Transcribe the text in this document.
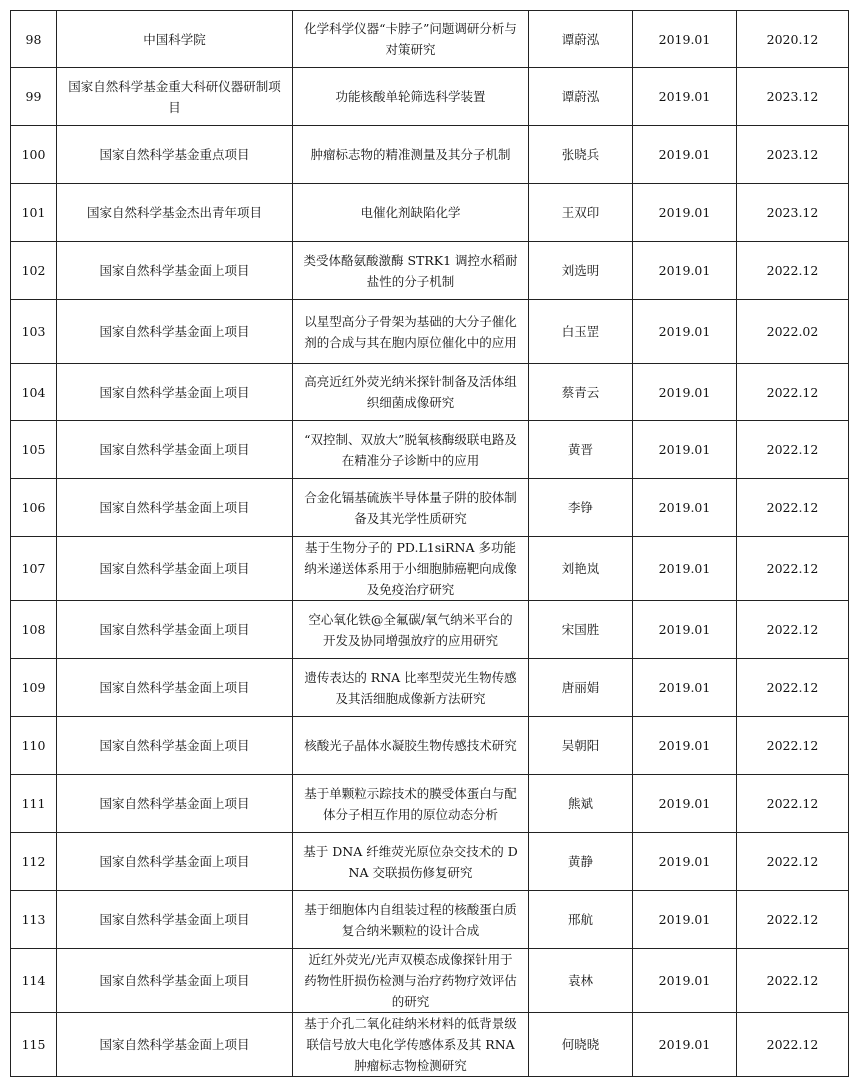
98	中国科学院	化学科学仪器“卡脖子”问题调研分析与对策研究	谭蔚泓	2019.01	2020.12
99	国家自然科学基金重大科研仪器研制项目	功能核酸单轮筛选科学装置	谭蔚泓	2019.01	2023.12
100	国家自然科学基金重点项目	肿瘤标志物的精准测量及其分子机制	张晓兵	2019.01	2023.12
101	国家自然科学基金杰出青年项目	电催化剂缺陷化学	王双印	2019.01	2023.12
102	国家自然科学基金面上项目	类受体酪氨酸激酶 STRK1 调控水稻耐盐性的分子机制	刘选明	2019.01	2022.12
103	国家自然科学基金面上项目	以星型高分子骨架为基础的大分子催化剂的合成与其在胞内原位催化中的应用	白玉罡	2019.01	2022.02
104	国家自然科学基金面上项目	高亮近红外荧光纳米探针制备及活体组织细菌成像研究	蔡青云	2019.01	2022.12
105	国家自然科学基金面上项目	“双控制、双放大”脱氧核酶级联电路及在精准分子诊断中的应用	黄晋	2019.01	2022.12
106	国家自然科学基金面上项目	合金化镉基硫族半导体量子阱的胶体制备及其光学性质研究	李铮	2019.01	2022.12
107	国家自然科学基金面上项目	基于生物分子的 PD.L1siRNA 多功能纳米递送体系用于小细胞肺癌靶向成像及免疫治疗研究	刘艳岚	2019.01	2022.12
108	国家自然科学基金面上项目	空心氧化铁@全氟碳/氧气纳米平台的开发及协同增强放疗的应用研究	宋国胜	2019.01	2022.12
109	国家自然科学基金面上项目	遗传表达的 RNA 比率型荧光生物传感及其活细胞成像新方法研究	唐丽娟	2019.01	2022.12
110	国家自然科学基金面上项目	核酸光子晶体水凝胶生物传感技术研究	吴朝阳	2019.01	2022.12
111	国家自然科学基金面上项目	基于单颗粒示踪技术的膜受体蛋白与配体分子相互作用的原位动态分析	熊斌	2019.01	2022.12
112	国家自然科学基金面上项目	基于 DNA 纤维荧光原位杂交技术的 DNA 交联损伤修复研究	黄静	2019.01	2022.12
113	国家自然科学基金面上项目	基于细胞体内自组装过程的核酸蛋白质复合纳米颗粒的设计合成	邢航	2019.01	2022.12
114	国家自然科学基金面上项目	近红外荧光/光声双模态成像探针用于药物性肝损伤检测与治疗药物疗效评估的研究	袁林	2019.01	2022.12
115	国家自然科学基金面上项目	基于介孔二氧化硅纳米材料的低背景级联信号放大电化学传感体系及其 RNA 肿瘤标志物检测研究	何晓晓	2019.01	2022.12
